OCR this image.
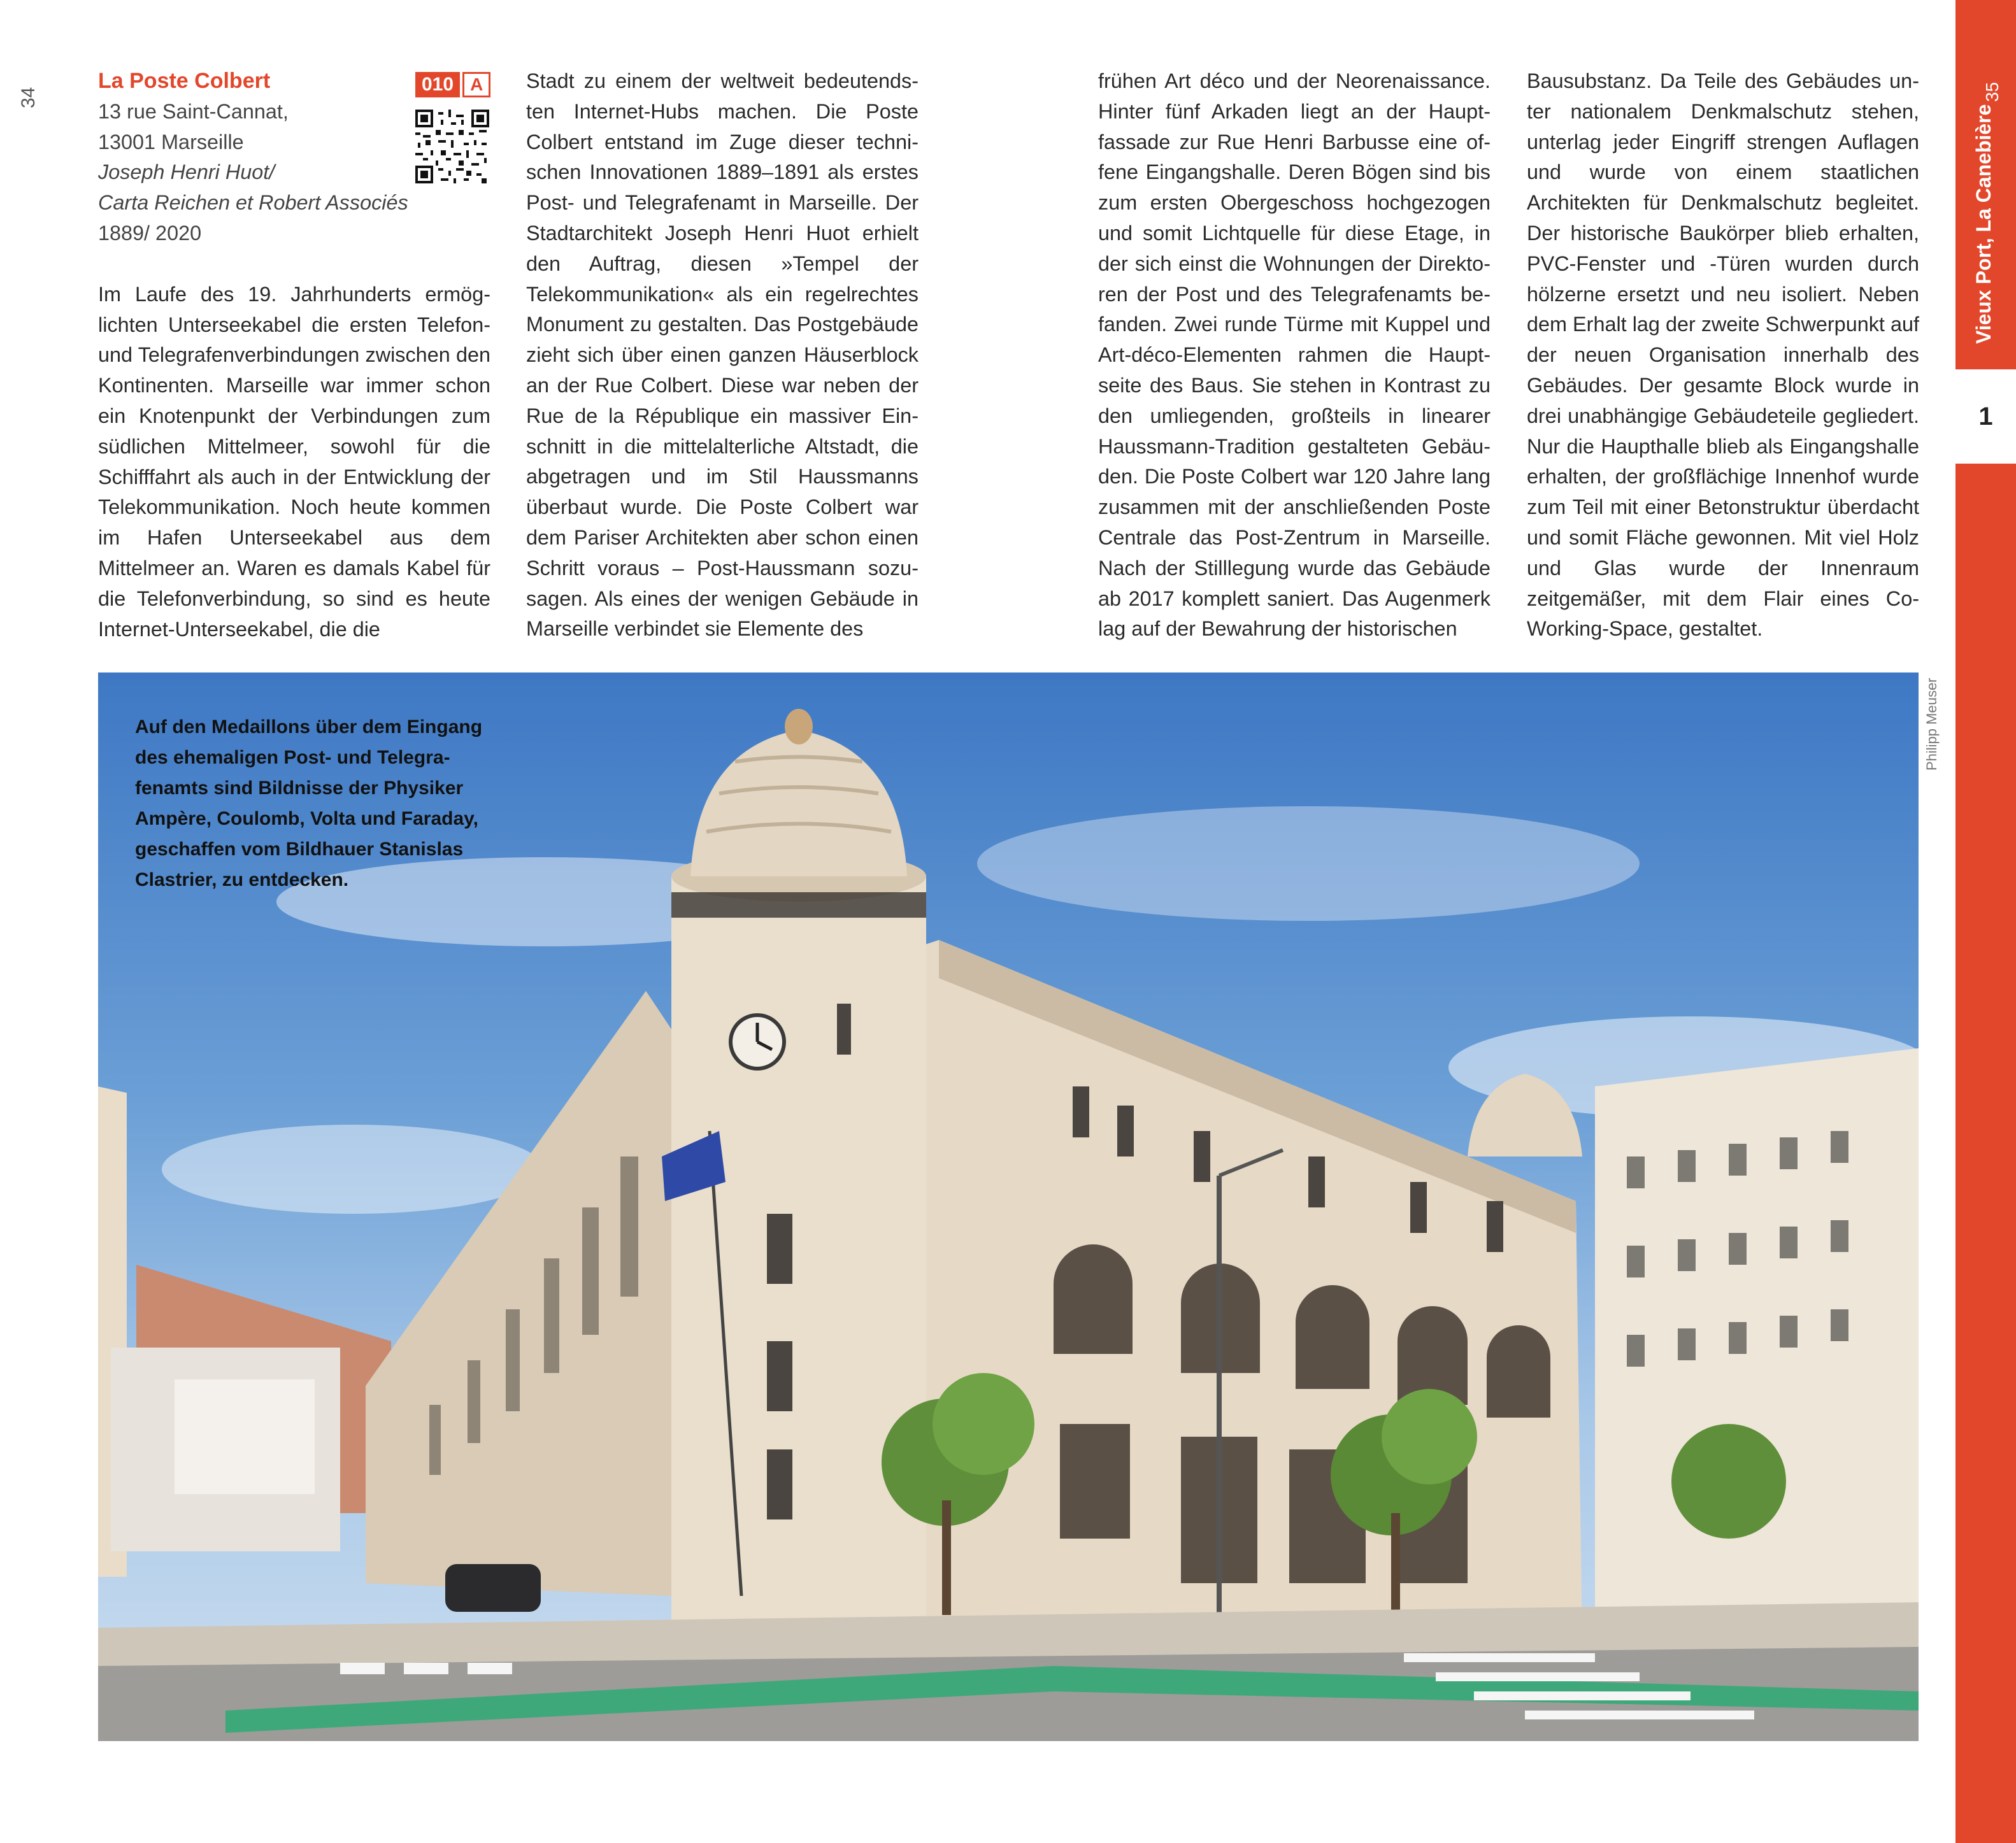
34

La Poste Colbert

13 rue Saint-Cannat,

13001 Marseille

Joseph Henri Huot/

Carta Reichen et Robert Associés

1889/ 2020

Im Laufe des 19. Jahrhunderts ermöglichten Unterseekabel die ersten Telefon- und Telegrafenverbindungen zwischen den Kontinenten. Marseille war immer schon ein Knotenpunkt der Verbindungen zum südlichen Mittelmeer, sowohl für die Schifffahrt als auch in der Entwicklung der Telekommunikation. Noch heute kommen im Hafen Unterseekabel aus dem Mittelmeer an. Waren es damals Kabel für die Telefonverbindung, so sind es heute Internet-Unterseekabel, die die

010 A	Stadt zu einem der weltweit bedeutendsten Internet-Hubs machen. Die Poste Colbert entstand im Zuge dieser technischen Innovationen 1889–1891 als erstes Post- und Telegrafenamt in Marseille. Der Stadtarchitekt Joseph Henri Huot erhielt den Auftrag, diesen »Tempel der Telekommunikation« als ein regelrechtes Monument zu gestalten. Das Postgebäude zieht sich über einen ganzen Häuserblock an der Rue Colbert. Diese war neben der Rue de la République ein massiver Einschnitt in die mittelalterliche Altstadt, die abgetragen und im Stil Haussmanns überbaut wurde. Die Poste Colbert war dem Pariser Architekten aber schon einen Schritt voraus – Post-Haussmann sozusagen. Als eines der wenigen Gebäude in Marseille verbindet sie Elemente des

frühen Art déco und der Neorenaissance. Hinter fünf Arkaden liegt an der Hauptfassade zur Rue Henri Barbusse eine offene Eingangshalle. Deren Bögen sind bis zum ersten Obergeschoss hochgezogen und somit Lichtquelle für diese Etage, in der sich einst die Wohnungen der Direktoren der Post und des Telegrafenamts befanden. Zwei runde Türme mit Kuppel und Art-déco-Elementen rahmen die Hauptseite des Baus. Sie stehen in Kontrast zu den umliegenden, großteils in linearer Haussmann-Tradition gestalteten Gebäuden. Die Poste Colbert war 120 Jahre lang zusammen mit der anschließenden Poste Centrale das Post-Zentrum in Marseille. Nach der Stilllegung wurde das Gebäude ab 2017 komplett saniert. Das Augenmerk lag auf der Bewahrung der historischen

Bausubstanz. Da Teile des Gebäudes unter nationalem Denkmalschutz stehen, unterlag jeder Eingriff strengen Auflagen und wurde von einem staatlichen Architekten für Denkmalschutz begleitet. Der historische Baukörper blieb erhalten, PVC-Fenster und -Türen wurden durch hölzerne ersetzt und neu isoliert. Neben dem Erhalt lag der zweite Schwerpunkt auf der neuen Organisation innerhalb des Gebäudes. Der gesamte Block wurde in drei unabhängige Gebäudeteile gegliedert. Nur die Haupthalle blieb als Eingangshalle erhalten, der großflächige Innenhof wurde zum Teil mit einer Betonstruktur überdacht und somit Fläche gewonnen. Mit viel Holz und Glas wurde der Innenraum zeitgemäßer, mit dem Flair eines Co-Working-Space, gestaltet.

Auf den Medaillons über dem Eingang des ehemaligen Post- und Telegrafenamts sind Bildnisse der Physiker Ampère, Coulomb, Volta und Faraday, geschaffen vom Bildhauer Stanislas Clastrier, zu entdecken.
Philipp Meuser
35
Vieux Port, La Canebière
1
